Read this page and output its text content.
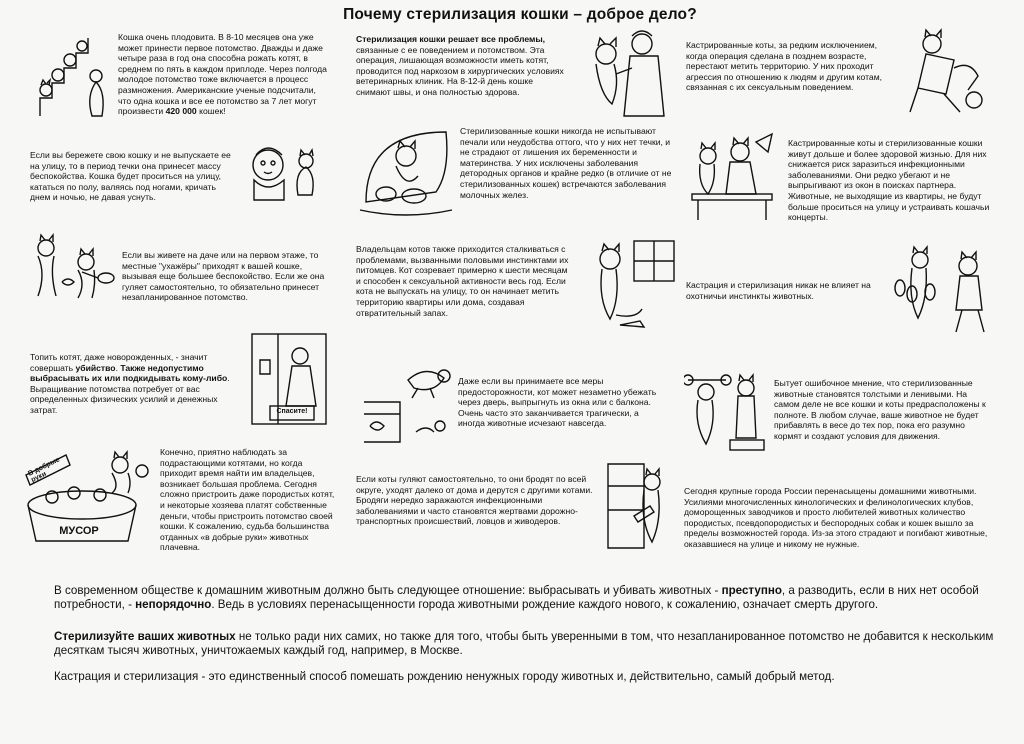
Почему стерилизация кошки – доброе дело?

Кошка очень плодовита. В 8-10 месяцев она уже может принести первое потомство. Дважды и даже четыре раза в год она способна рожать котят, в среднем по пять в каждом приплоде. Через полгода молодое потомство тоже включается в процесс размножения. Американские ученые подсчитали, что одна кошка и все ее потомство за 7 лет могут произвести 420 000 кошек!

Если вы бережете свою кошку и не выпускаете ее на улицу, то в период течки она принесет массу беспокойства. Кошка будет проситься на улицу, кататься по полу, валяясь под ногами, кричать днем и ночью, не давая уснуть.

Если вы живете на даче или на первом этаже, то местные "ухажёры" приходят к вашей кошке, вызывая еще большее беспокойство. Если же она гуляет самостоятельно, то обязательно принесет незапланированное потомство.

Топить котят, даже новорожденных, - значит совершать убийство. Также недопустимо выбрасывать их или подкидывать кому-либо. Выращивание потомства потребует от вас определенных физических усилий и денежных затрат.	Спасите!
В добрые руки
МУСОР

Конечно, приятно наблюдать за подрастающими котятами, но когда приходит время найти им владельцев, возникает большая проблема. Сегодня сложно пристроить даже породистых котят, и некоторые хозяева платят собственные деньги, чтобы пристроить потомство своей кошки. К сожалению, судьба большинства отданных «в добрые руки» животных плачевна.

Стерилизация кошки решает все проблемы, связанные с ее поведением и потомством. Эта операция, лишающая возможности иметь котят, проводится под наркозом в хирургических условиях ветеринарных клиник. На 8-12-й день кошке снимают швы, и она полностью здорова.

Стерилизованные кошки никогда не испытывают печали или неудобства оттого, что у них нет течки, и не страдают от лишения их беременности и материнства. У них исключены заболевания детородных органов и крайне редко (в отличие от не стерилизованных кошек) встречаются заболевания молочных желез.

Владельцам котов также приходится сталкиваться с проблемами, вызванными половыми инстинктами их питомцев. Кот созревает примерно к шести месяцам и способен к сексуальной активности весь год. Если кота не выпускать на улицу, то он начинает метить территорию квартиры или дома, создавая отвратительный запах.

Даже если вы принимаете все меры предосторожности, кот может незаметно убежать через дверь, выпрыгнуть из окна или с балкона. Очень часто это заканчивается трагически, а иногда животные исчезают навсегда.

Если коты гуляют самостоятельно, то они бродят по всей округе, уходят далеко от дома и дерутся с другими котами. Бродяги нередко заражаются инфекционными заболеваниями и часто становятся жертвами дорожно-транспортных происшествий, ловцов и живодеров.

Кастрированные коты, за редким исключением, когда операция сделана в позднем возрасте, перестают метить территорию. У них проходит агрессия по отношению к людям и другим котам, связанная с их сексуальным поведением.

Кастрированные коты и стерилизованные кошки живут дольше и более здоровой жизнью. Для них снижается риск заразиться инфекционными заболеваниями. Они редко убегают и не выпрыгивают из окон в поисках партнера. Животные, не выходящие из квартиры, не будут больше проситься на улицу и устраивать кошачьи концерты.

Кастрация и стерилизация никак не влияет на охотничьи инстинкты животных.

Бытует ошибочное мнение, что стерилизованные животные становятся толстыми и ленивыми. На самом деле не все кошки и коты предрасположены к полноте. В любом случае, ваше животное не будет прибавлять в весе до тех пор, пока его разумно кормят и создают условия для движения.

Сегодня крупные города России перенасыщены домашними животными. Усилиями многочисленных кинологических и фелинологических клубов, доморощенных заводчиков и просто любителей животных количество породистых, псевдопородистых и беспородных собак и кошек вышло за пределы возможностей города. Из-за этого страдают и погибают животные, оказавшиеся на улице и никому не нужные.

В современном обществе к домашним животным должно быть следующее отношение: выбрасывать и убивать животных - преступно, а разводить, если в них нет особой потребности, - непорядочно. Ведь в условиях перенасыщенности города животными рождение каждого нового, к сожалению, означает смерть другого.

Стерилизуйте ваших животных не только ради них самих, но также для того, чтобы быть уверенными в том, что незапланированное потомство не добавится к нескольким десяткам тысяч животных, уничтожаемых каждый год, например, в Москве.

Кастрация и стерилизация - это единственный способ помешать рождению ненужных городу животных и, действительно, самый добрый метод.
